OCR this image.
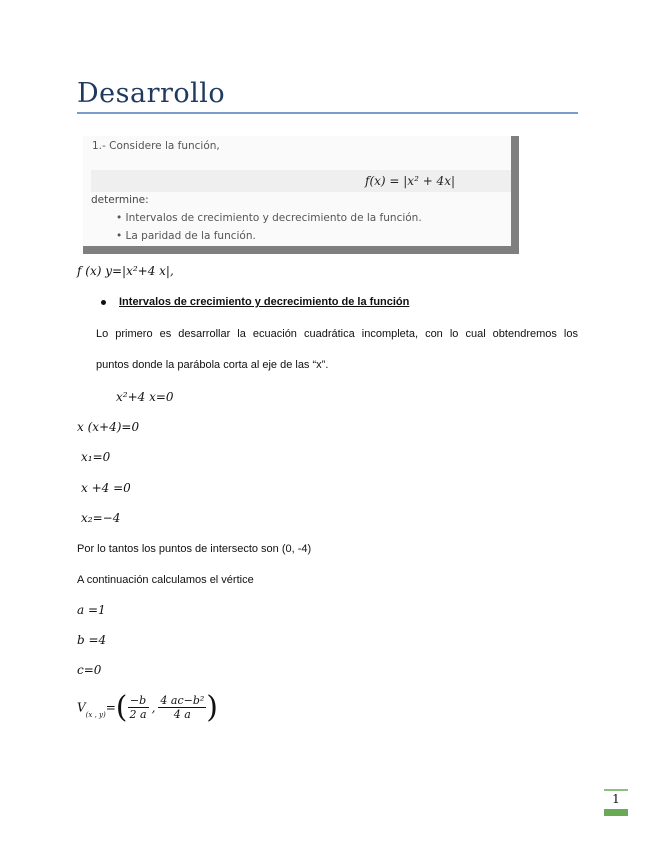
Desarrollo
1.- Considere la función,
f(x) = |x² + 4x|
determine:
• Intervalos de crecimiento y decrecimiento de la función.
• La paridad de la función.
f (x) y=|x²+4 x|,
Intervalos de crecimiento y decrecimiento de la función
Lo primero es desarrollar la ecuación cuadrática incompleta, con lo cual obtendremos los
puntos donde la parábola corta al eje de las “x”.
x²+4 x=0
x (x+4)=0
x₁=0
x +4 =0
x₂=−4
Por lo tantos los puntos de intersecto son (0, -4)
A continuación calculamos el vértice
a =1
b =4
c=0
$V_{(x , y)}=( \frac{-b}{2 a}$ , $\frac{\text{4 ac−b²}}{4 a}$ )
1
